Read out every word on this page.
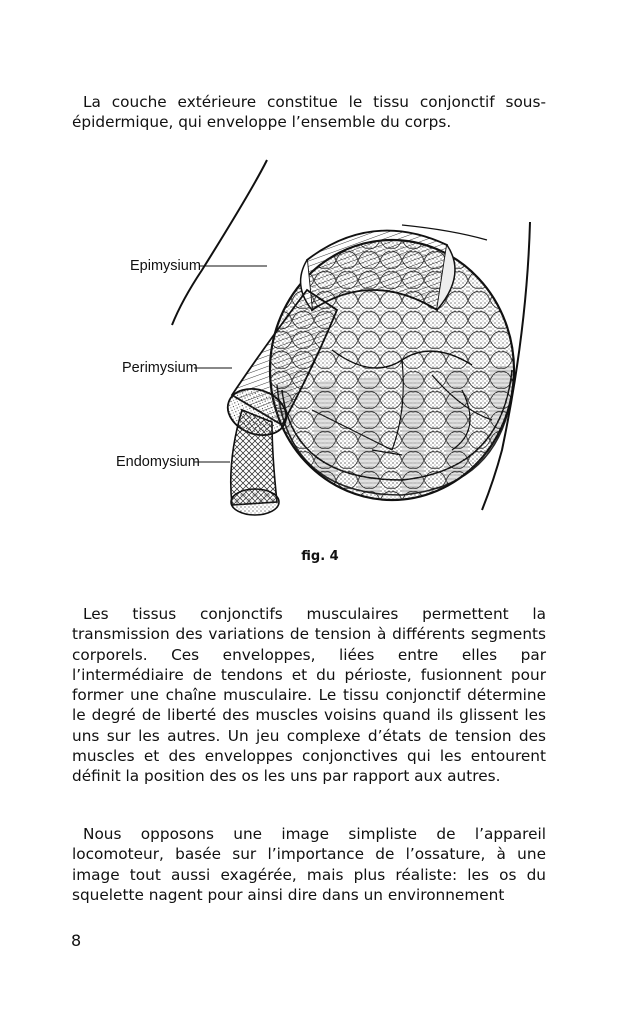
La couche extérieure constitue le tissu conjonctif sous-épidermique, qui enveloppe l’ensemble du corps.

Epimysium
Perimysium
Endomysium
fig. 4

Les tissus conjonctifs musculaires permettent la transmission des variations de tension à différents segments corporels. Ces enveloppes, liées entre elles par l’intermédiaire de tendons et du périoste, fusionnent pour former une chaîne musculaire. Le tissu conjonctif détermine le degré de liberté des muscles voisins quand ils glissent les uns sur les autres. Un jeu complexe d’états de tension des muscles et des enveloppes conjonctives qui les entourent définit la position des os les uns par rapport aux autres.

Nous opposons une image simpliste de l’appareil locomoteur, basée sur l’importance de l’ossature, à une image tout aussi exagérée, mais plus réaliste: les os du squelette nagent pour ainsi dire dans un environnement

8
